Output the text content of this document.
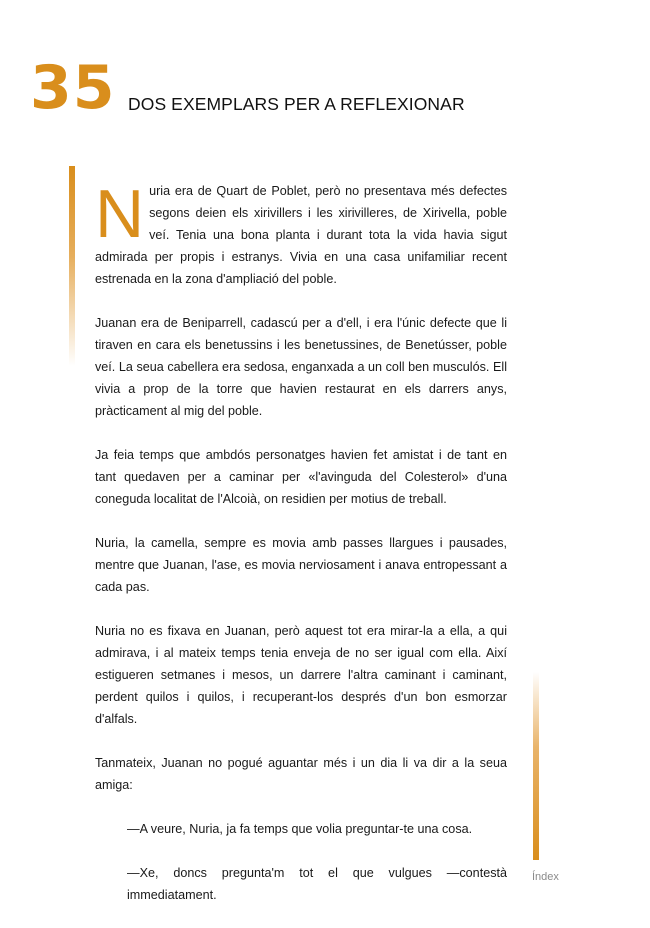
35 DOS EXEMPLARS PER A REFLEXIONAR

Nuria era de Quart de Poblet, però no presentava més defectes segons deien els xirivillers i les xirivilleres, de Xirivella, poble veí. Tenia una bona planta i durant tota la vida havia sigut admirada per propis i estranys. Vivia en una casa unifamiliar recent estrenada en la zona d'ampliació del poble.

Juanan era de Beniparrell, cadascú per a d'ell, i era l'únic defecte que li tiraven en cara els benetussins i les benetussines, de Benetússer, poble veí. La seua cabellera era sedosa, enganxada a un coll ben musculós. Ell vivia a prop de la torre que havien restaurat en els darrers anys, pràcticament al mig del poble.

Ja feia temps que ambdós personatges havien fet amistat i de tant en tant quedaven per a caminar per «l'avinguda del Colesterol» d'una coneguda localitat de l'Alcoià, on residien per motius de treball.

Nuria, la camella, sempre es movia amb passes llargues i pausades, mentre que Juanan, l'ase, es movia nerviosament i anava entropessant a cada pas.

Nuria no es fixava en Juanan, però aquest tot era mirar-la a ella, a qui admirava, i al mateix temps tenia enveja de no ser igual com ella. Així estigueren setmanes i mesos, un darrere l'altra caminant i caminant, perdent quilos i quilos, i recuperant-los després d'un bon esmorzar d'alfals.

Tanmateix, Juanan no pogué aguantar més i un dia li va dir a la seua amiga:

—A veure, Nuria, ja fa temps que volia preguntar-te una cosa.

—Xe, doncs pregunta'm tot el que vulgues —contestà immediatament.

Índex
